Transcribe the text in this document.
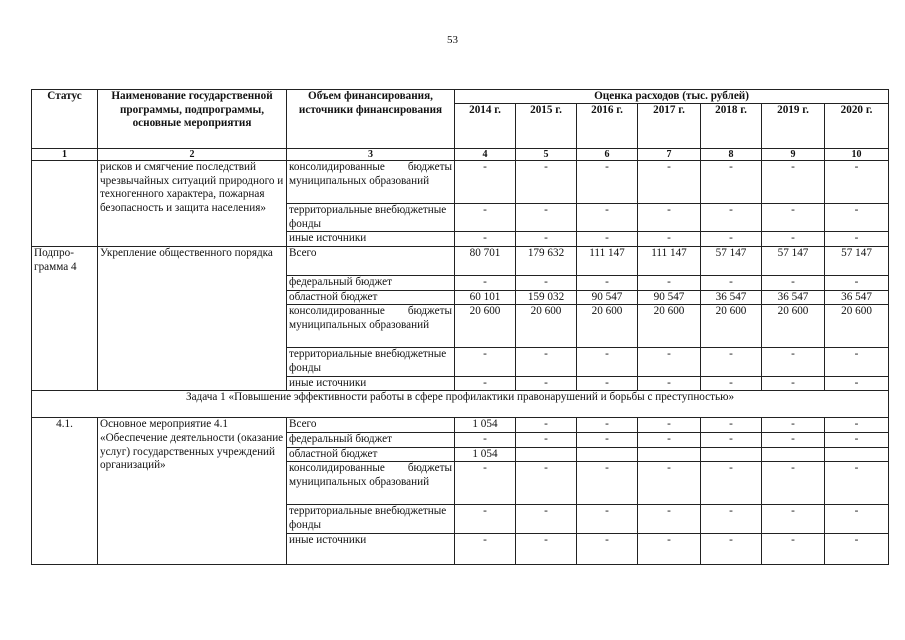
53
Статус	Наименование государственной программы, подпрограммы, основные мероприятия	Объем финансирования, источники финансирования	Оценка расходов (тыс. рублей)						
			2014 г.	2015 г.	2016 г.	2017 г.	2018 г.	2019 г.	2020 г.
1	2	3	4	5	6	7	8	9	10
	рисков и смягчение последствий чрезвычайных ситуаций природного и техногенного характера, пожарная безопасность и защита населения»	консолидированные бюджеты муниципальных образований	-	-	-	-	-	-	-
		территориальные внебюджетные фонды	-	-	-	-	-	-	-
		иные источники	-	-	-	-	-	-	-
Подпро-грамма 4	Укрепление общественного порядка	Всего	80 701	179 632	111 147	111 147	57 147	57 147	57 147
		федеральный бюджет	-	-	-	-	-	-	-
		областной бюджет	60 101	159 032	90 547	90 547	36 547	36 547	36 547
		консолидированные бюджеты муниципальных образований	20 600	20 600	20 600	20 600	20 600	20 600	20 600
		территориальные внебюджетные фонды	-	-	-	-	-	-	-
		иные источники	-	-	-	-	-	-	-
Задача 1 «Повышение эффективности работы в сфере профилактики правонарушений и борьбы с преступностью»									
4.1.	Основное мероприятие 4.1 «Обеспечение деятельности (оказание услуг) государственных учреждений организаций»	Всего	1 054	-	-	-	-	-	-
		федеральный бюджет	-	-	-	-	-	-	-
		областной бюджет	1 054						
		консолидированные бюджеты муниципальных образований	-	-	-	-	-	-	-
		территориальные внебюджетные фонды	-	-	-	-	-	-	-
		иные источники	-	-	-	-	-	-	-
